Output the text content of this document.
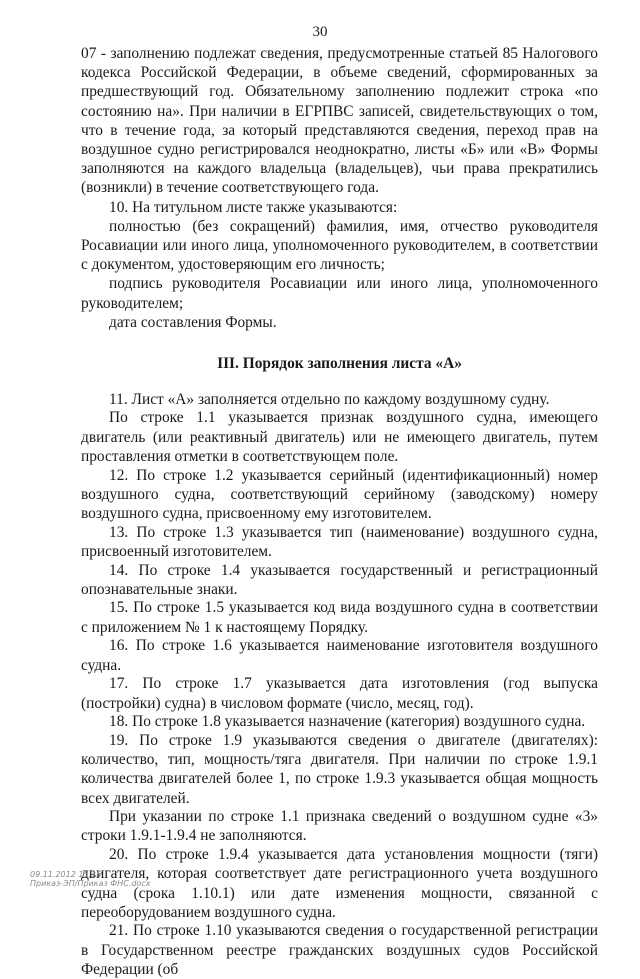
30

07 - заполнению подлежат сведения, предусмотренные статьей 85 Налогового кодекса Российской Федерации, в объеме сведений, сформированных за предшествующий год. Обязательному заполнению подлежит строка «по состоянию на». При наличии в ЕГРПВС записей, свидетельствующих о том, что в течение года, за который представляются сведения, переход прав на воздушное судно регистрировался неоднократно, листы «Б» или «В» Формы заполняются на каждого владельца (владельцев), чьи права прекратились (возникли) в течение соответствующего года.

10. На титульном листе также указываются:

полностью (без сокращений) фамилия, имя, отчество руководителя Росавиации или иного лица, уполномоченного руководителем, в соответствии с документом, удостоверяющим его личность;

подпись руководителя Росавиации или иного лица, уполномоченного руководителем;

дата составления Формы.

III. Порядок заполнения листа «А»

11. Лист «А» заполняется отдельно по каждому воздушному судну.

По строке 1.1 указывается признак воздушного судна, имеющего двигатель (или реактивный двигатель) или не имеющего двигатель, путем проставления отметки в соответствующем поле.

12. По строке 1.2 указывается серийный (идентификационный) номер воздушного судна, соответствующий серийному (заводскому) номеру воздушного судна, присвоенному ему изготовителем.

13. По строке 1.3 указывается тип (наименование) воздушного судна, присвоенный изготовителем.

14. По строке 1.4 указывается государственный и регистрационный опознавательные знаки.

15. По строке 1.5 указывается код вида воздушного судна в соответствии с приложением № 1 к настоящему Порядку.

16. По строке 1.6 указывается наименование изготовителя воздушного судна.

17. По строке 1.7 указывается дата изготовления (год выпуска (постройки) судна) в числовом формате (число, месяц, год).

18. По строке 1.8 указывается назначение (категория) воздушного судна.

19. По строке 1.9 указываются сведения о двигателе (двигателях): количество, тип, мощность/тяга двигателя. При наличии по строке 1.9.1 количества двигателей более 1, по строке 1.9.3 указывается общая мощность всех двигателей.

При указании по строке 1.1 признака сведений о воздушном судне «3» строки 1.9.1-1.9.4 не заполняются.

20. По строке 1.9.4 указывается дата установления мощности (тяги) двигателя, которая соответствует дате регистрационного учета воздушного судна (срока 1.10.1) или дате изменения мощности, связанной с переоборудованием воздушного судна.

21. По строке 1.10 указываются сведения о государственной регистрации в Государственном реестре гражданских воздушных судов Российской Федерации (об

09.11.2012 15:15
Приказ-ЭП/Приказ ФНС.docx
